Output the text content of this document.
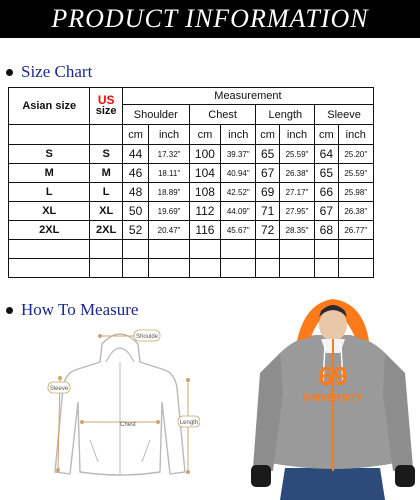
PRODUCT INFORMATION
Size Chart
Asian size	US
size	Measurement							
		Shoulder		Chest		Length		Sleeve	
		cm	inch	cm	inch	cm	inch	cm	inch
S	S	44	17.32"	100	39.37"	65	25.59"	64	25.20"
M	M	46	18.11"	104	40.94"	67	26.38"	65	25.59"
L	L	48	18.89"	108	42.52"	69	27.17"	66	25.98"
XL	XL	50	19.69"	112	44.09"	71	27.95"	67	26.38"
2XL	2XL	52	20.47"	116	45.67"	72	28.35"	68	26.77"

How To Measure
Shoulde
Sleeve
Chest	Length
69
UNIVERSITY
